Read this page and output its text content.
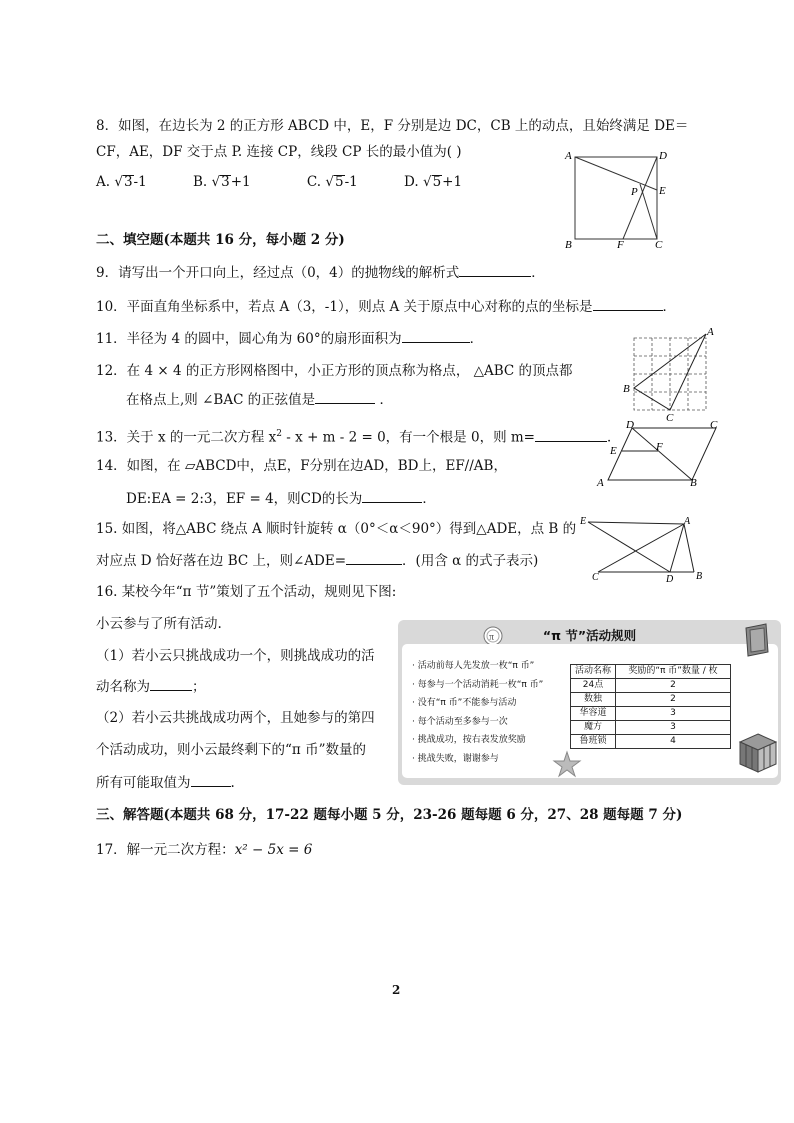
8．如图，在边长为 2 的正方形 ABCD 中，E，F 分别是边 DC，CB 上的动点，且始终满足 DE＝
CF，AE，DF 交于点 P. 连接 CP，线段 CP 长的最小值为( )
A. √3-1	B. √3+1	C. √5-1	D. √5+1
A	D
B	C
E
F
P
二、填空题(本题共 16 分，每小题 2 分)
9．请写出一个开口向上，经过点（0，4）的抛物线的解析式	．
10．平面直角坐标系中，若点 A（3，-1），则点 A 关于原点中心对称的点的坐标是	．
11．半径为 4 的圆中，圆心角为 60°的扇形面积为	．
12．在 4 × 4 的正方形网格图中，小正方形的顶点称为格点， △ABC 的顶点都
在格点上,则 ∠BAC 的正弦值是	．
A
B
C
13．关于 x 的一元二次方程 $x^2 - x + m - 2 = 0$，有一个根是 0，则 m=	．
14．如图，在 ▱ABCD中，点E，F分别在边AD，BD上，EF//AB，
DE:EA = 2:3，EF = 4，则CD的长为	．
A	B
C
D
E	F
15. 如图，将△ABC 绕点 A 顺时针旋转 α（0°＜α＜90°）得到△ADE，点 B 的
对应点 D 恰好落在边 BC 上，则∠ADE=	．(用含 α 的式子表示)
A
B
C	D
E
16. 某校今年“π 节”策划了五个活动，规则见下图:
小云参与了所有活动.
（1）若小云只挑战成功一个，则挑战成功的活
动名称为	；
（2）若小云共挑战成功两个，且她参与的第四
个活动成功，则小云最终剩下的“π 币”数量的
所有可能取值为	.
π	“π 节”活动规则
· 活动前每人先发放一枚“π 币”
· 每参与一个活动消耗一枚“π 币”
· 没有“π 币”不能参与活动
· 每个活动至多参与一次
· 挑战成功，按右表发放奖励
· 挑战失败，谢谢参与
活动名称	奖励的“π 币”数量 / 枚
24点	2
数独	2
华容道	3
魔方	3
鲁班锁	4
三、解答题(本题共 68 分，17-22 题每小题 5 分，23-26 题每题 6 分，27、28 题每题 7 分)
17．解一元二次方程：x² − 5x = 6
2
